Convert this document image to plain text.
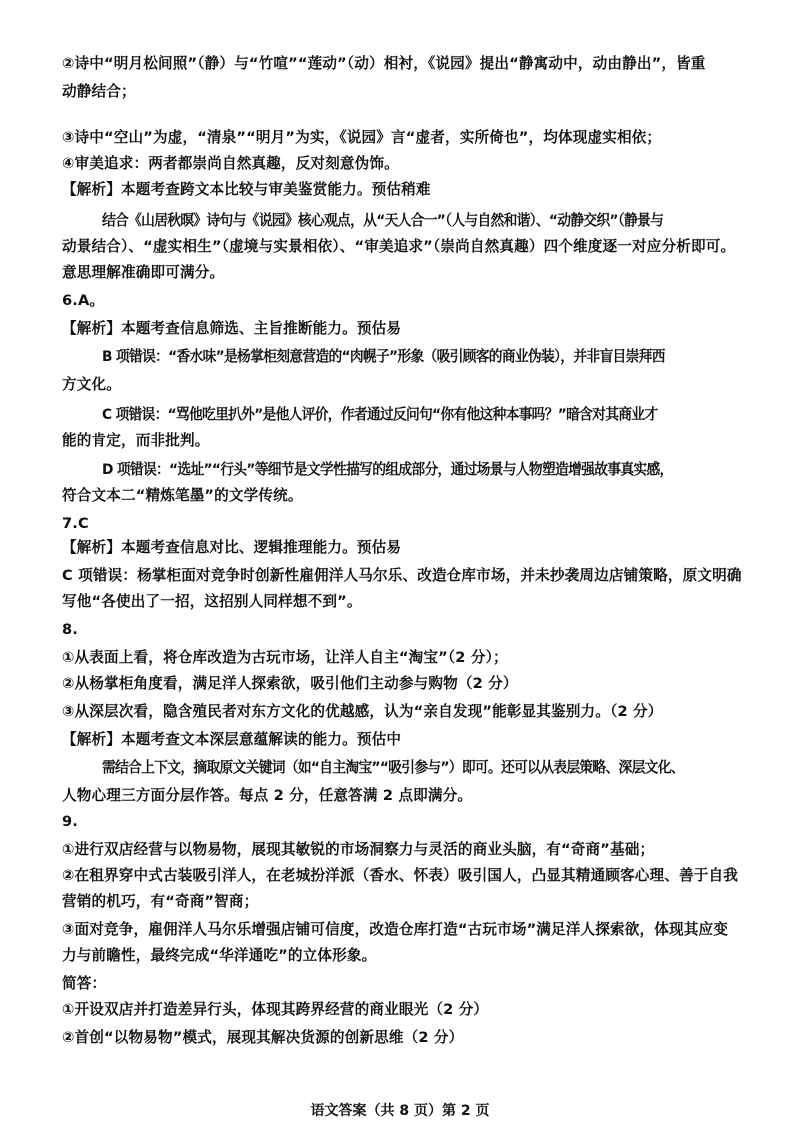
②诗中“明月松间照”（静）与“竹喧”“莲动”（动）相衬，《说园》提出“静寓动中，动由静出”，皆重
动静结合；
③诗中“空山”为虚，“清泉”“明月”为实，《说园》言“虚者，实所倚也”，均体现虚实相依；
④审美追求：两者都崇尚自然真趣，反对刻意伪饰。
【解析】本题考查跨文本比较与审美鉴赏能力。预估稍难
结合《山居秋暝》诗句与《说园》核心观点，从“天人合一”（人与自然和谐）、“动静交织”（静景与
动景结合）、“虚实相生”（虚境与实景相依）、“审美追求”（崇尚自然真趣）四个维度逐一对应分析即可。
意思理解准确即可满分。
6.A。
【解析】本题考查信息筛选、主旨推断能力。预估易
B 项错误：“香水味”是杨掌柜刻意营造的“肉幌子”形象（吸引顾客的商业伪装），并非盲目崇拜西
方文化。
C 项错误：“骂他吃里扒外”是他人评价，作者通过反问句“你有他这种本事吗？”暗含对其商业才
能的肯定，而非批判。
D 项错误：“选址”“行头”等细节是文学性描写的组成部分，通过场景与人物塑造增强故事真实感，
符合文本二“精炼笔墨”的文学传统。
7.C
【解析】本题考查信息对比、逻辑推理能力。预估易
C 项错误：杨掌柜面对竞争时创新性雇佣洋人马尔乐、改造仓库市场，并未抄袭周边店铺策略，原文明确
写他“各使出了一招，这招别人同样想不到”。
8.
①从表面上看，将仓库改造为古玩市场，让洋人自主“淘宝”（2 分）；
②从杨掌柜角度看，满足洋人探索欲，吸引他们主动参与购物（2 分）
③从深层次看，隐含殖民者对东方文化的优越感，认为“亲自发现”能彰显其鉴别力。（2 分）
【解析】本题考查文本深层意蕴解读的能力。预估中
需结合上下文，摘取原文关键词（如“自主淘宝”“吸引参与”）即可。还可以从表层策略、深层文化、
人物心理三方面分层作答。每点 2 分，任意答满 2 点即满分。
9.
①进行双店经营与以物易物，展现其敏锐的市场洞察力与灵活的商业头脑，有“奇商”基础；
②在租界穿中式古装吸引洋人，在老城扮洋派（香水、怀表）吸引国人，凸显其精通顾客心理、善于自我
营销的机巧，有“奇商”智商；
③面对竞争，雇佣洋人马尔乐增强店铺可信度，改造仓库打造“古玩市场”满足洋人探索欲，体现其应变
力与前瞻性，最终完成“华洋通吃”的立体形象。
简答：
①开设双店并打造差异行头，体现其跨界经营的商业眼光（2 分）
②首创“以物易物”模式，展现其解决货源的创新思维（2 分）
语文答案（共 8 页）第 2 页
